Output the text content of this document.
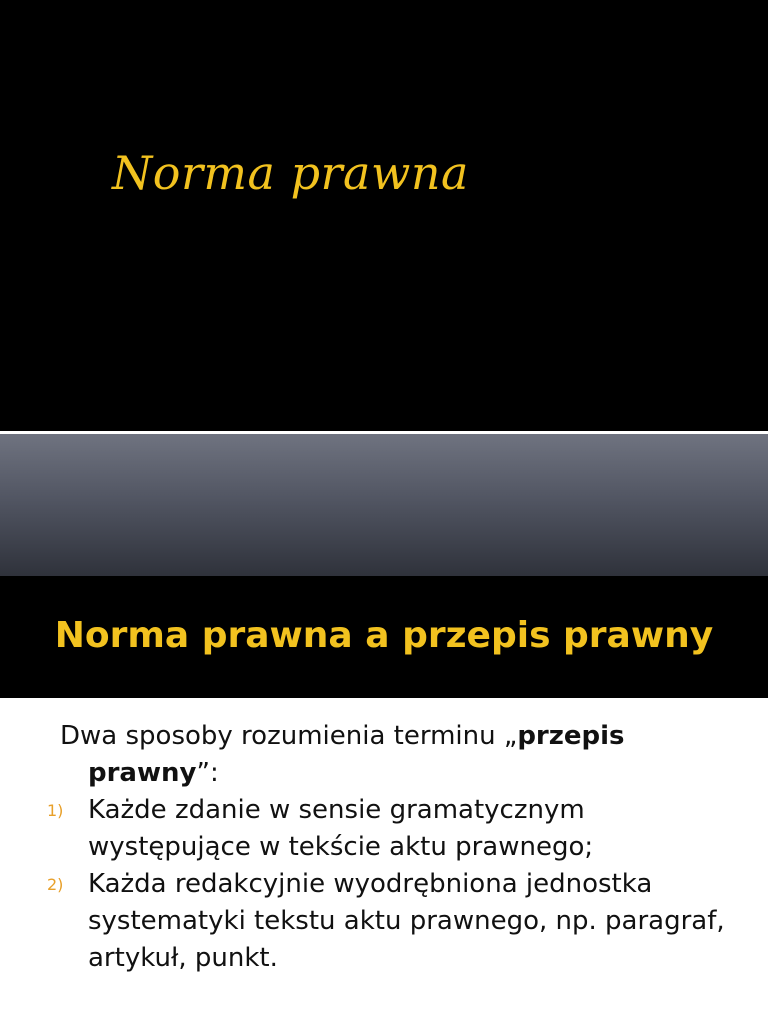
Norma prawna
Norma prawna a przepis prawny

Dwa sposoby rozumienia terminu „przepis prawny”:

1) Każde zdanie w sensie gramatycznym występujące w tekście aktu prawnego;
2) Każda redakcyjnie wyodrębniona jednostka systematyki tekstu aktu prawnego, np. paragraf, artykuł, punkt.
